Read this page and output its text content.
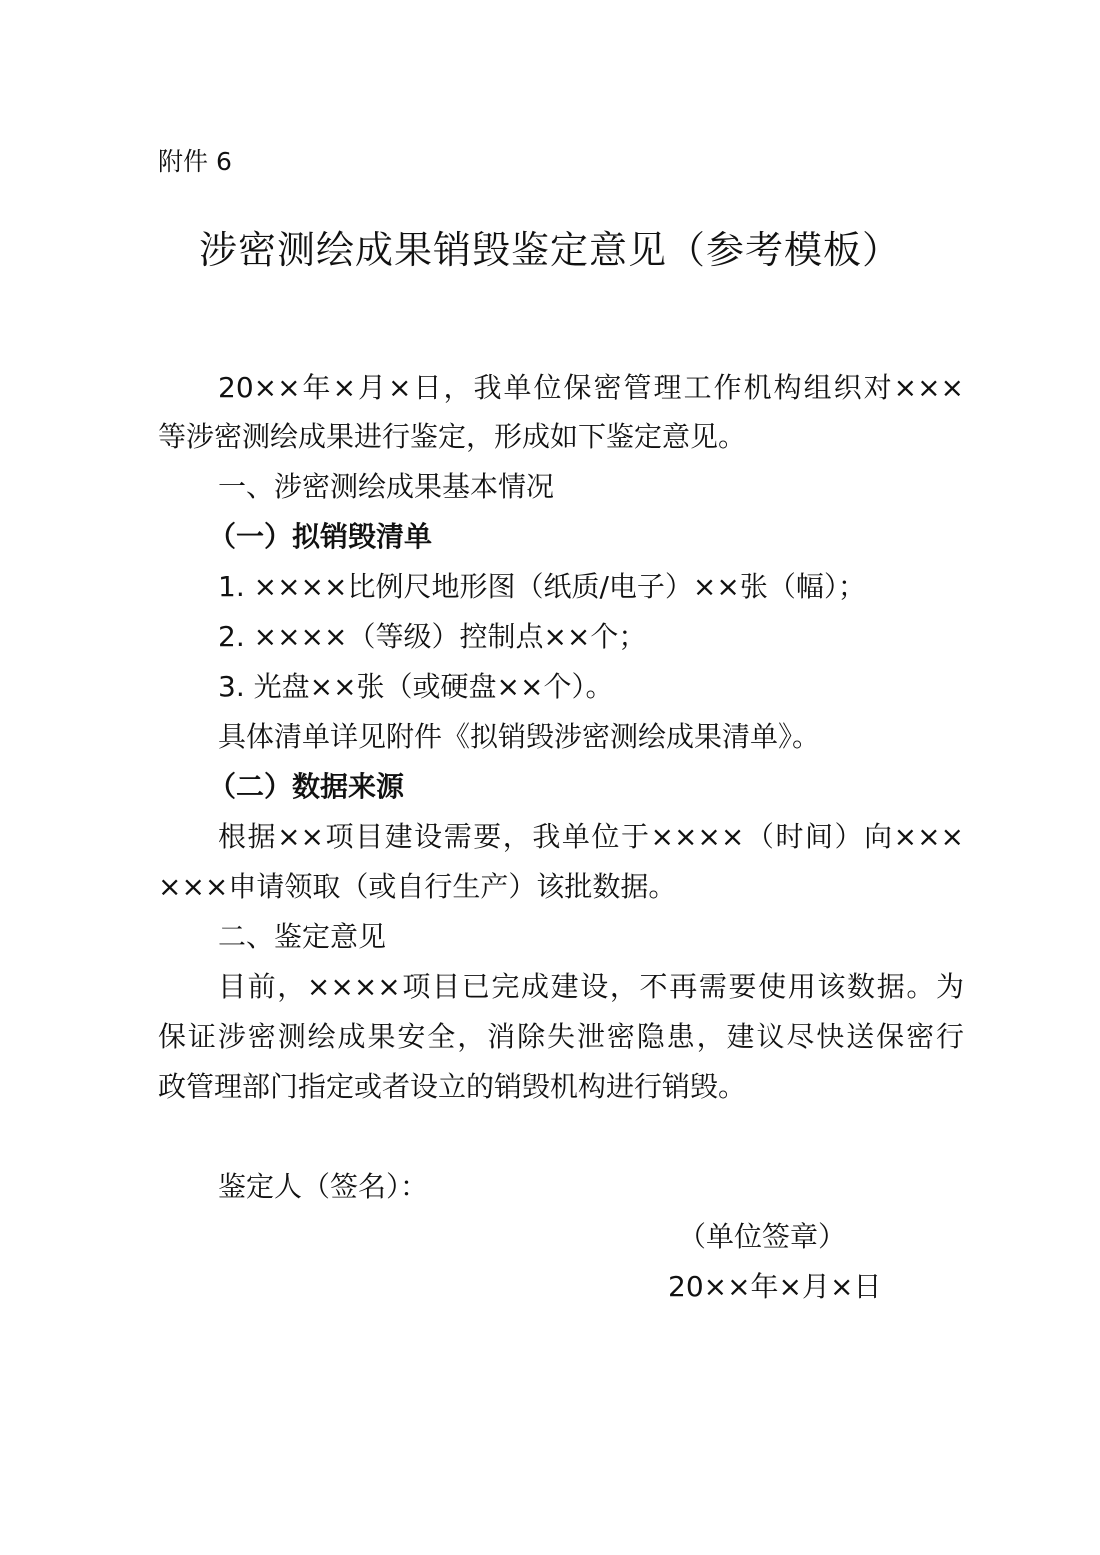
附件 6
涉密测绘成果销毁鉴定意见（参考模板）
20××年×月×日，我单位保密管理工作机构组织对×××
等涉密测绘成果进行鉴定，形成如下鉴定意见。
一、涉密测绘成果基本情况
（一）拟销毁清单
1. ××××比例尺地形图（纸质/电子）××张（幅）；
2. ××××（等级）控制点××个；
3. 光盘××张（或硬盘××个）。
具体清单详见附件《拟销毁涉密测绘成果清单》。
（二）数据来源
根据××项目建设需要，我单位于××××（时间）向×××
×××申请领取（或自行生产）该批数据。
二、鉴定意见
目前，××××项目已完成建设，不再需要使用该数据。为
保证涉密测绘成果安全，消除失泄密隐患，建议尽快送保密行
政管理部门指定或者设立的销毁机构进行销毁。
鉴定人（签名）：
（单位签章）
20××年×月×日
